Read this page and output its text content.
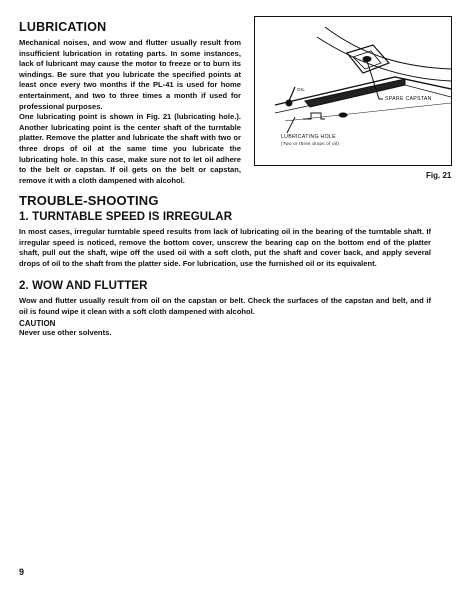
LUBRICATION

Mechanical noises, and wow and flutter usually result from insufficient lubrication in rotating parts. In some instances, lack of lubricant may cause the motor to freeze or to burn its windings. Be sure that you lubricate the specified points at least once every two months if the PL-41 is used for home entertainment, and two to three times a month if used for professional purposes.

One lubricating point is shown in Fig. 21 (lubricating hole.). Another lubricating point is the center shaft of the turntable platter. Remove the platter and lubricate the shaft with two or three drops of oil at the same time you lubricate the lubricating hole. In this case, make sure not to let oil adhere to the belt or capstan. If oil gets on the belt or capstan, remove it with a cloth dampened with alcohol.

SPARE CAPSTAN
OIL
LUBRICATING HOLE
(Two or three drops of oil)
Fig. 21
TROUBLE-SHOOTING
1. TURNTABLE SPEED IS IRREGULAR

In most cases, irregular turntable speed results from lack of lubricating oil in the bearing of the turntable shaft. If irregular speed is noticed, remove the bottom cover, unscrew the bearing cap on the bottom end of the platter shaft, pull out the shaft, wipe off the used oil with a soft cloth, put the shaft and cover back, and apply several drops of oil to the shaft from the platter side. For lubrication, use the furnished oil or its equivalent.

2. WOW AND FLUTTER

Wow and flutter usually result from oil on the capstan or belt. Check the surfaces of the capstan and belt, and if oil is found wipe it clean with a soft cloth dampened with alcohol.

CAUTION

Never use other solvents.

9
